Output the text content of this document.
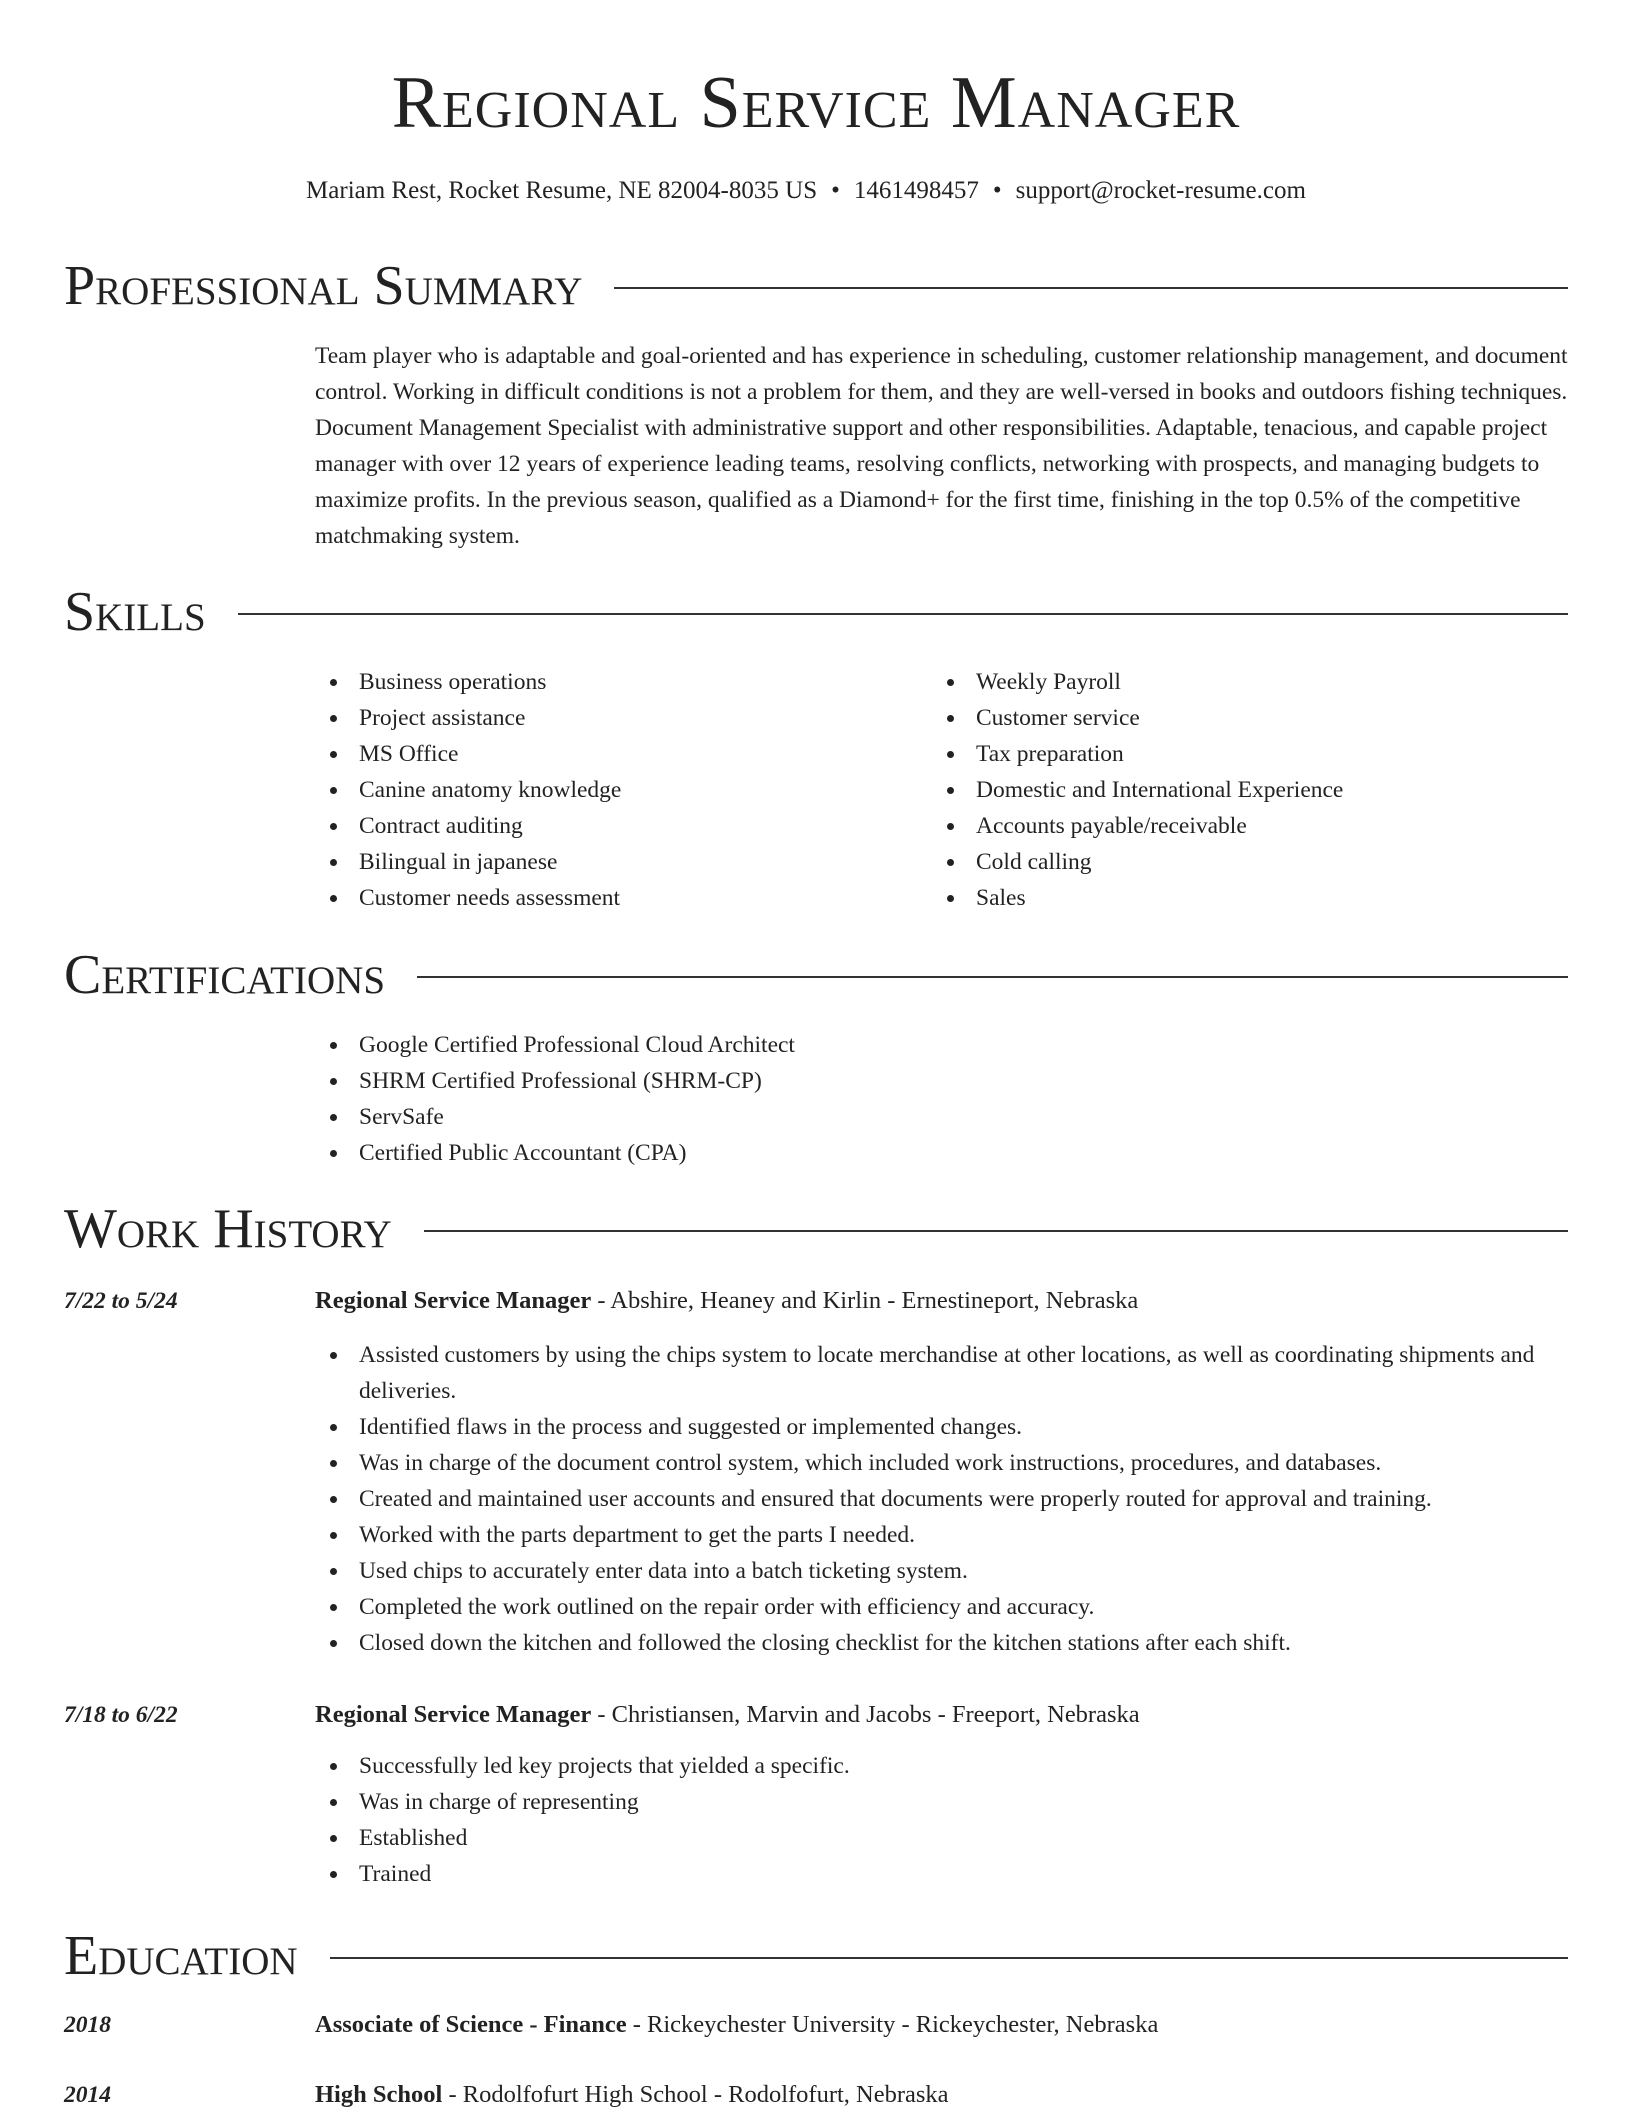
Regional Service Manager
Mariam Rest, Rocket Resume, NE 82004-8035 US • 1461498457 • support@rocket-resume.com
Professional Summary
Team player who is adaptable and goal-oriented and has experience in scheduling, customer relationship management, and document control. Working in difficult conditions is not a problem for them, and they are well-versed in books and outdoors fishing techniques. Document Management Specialist with administrative support and other responsibilities. Adaptable, tenacious, and capable project manager with over 12 years of experience leading teams, resolving conflicts, networking with prospects, and managing budgets to maximize profits. In the previous season, qualified as a Diamond+ for the first time, finishing in the top 0.5% of the competitive matchmaking system.
Skills
Business operations
Project assistance
MS Office
Canine anatomy knowledge
Contract auditing
Bilingual in japanese
Customer needs assessment
Weekly Payroll
Customer service
Tax preparation
Domestic and International Experience
Accounts payable/receivable
Cold calling
Sales
Certifications
Google Certified Professional Cloud Architect
SHRM Certified Professional (SHRM-CP)
ServSafe
Certified Public Accountant (CPA)
Work History
7/22 to 5/24	Regional Service Manager - Abshire, Heaney and Kirlin - Ernestineport, Nebraska
Assisted customers by using the chips system to locate merchandise at other locations, as well as coordinating shipments and deliveries.
Identified flaws in the process and suggested or implemented changes.
Was in charge of the document control system, which included work instructions, procedures, and databases.
Created and maintained user accounts and ensured that documents were properly routed for approval and training.
Worked with the parts department to get the parts I needed.
Used chips to accurately enter data into a batch ticketing system.
Completed the work outlined on the repair order with efficiency and accuracy.
Closed down the kitchen and followed the closing checklist for the kitchen stations after each shift.
7/18 to 6/22	Regional Service Manager - Christiansen, Marvin and Jacobs - Freeport, Nebraska
Successfully led key projects that yielded a specific.
Was in charge of representing
Established
Trained
Education
2018	Associate of Science - Finance - Rickeychester University - Rickeychester, Nebraska
2014	High School - Rodolfofurt High School - Rodolfofurt, Nebraska
